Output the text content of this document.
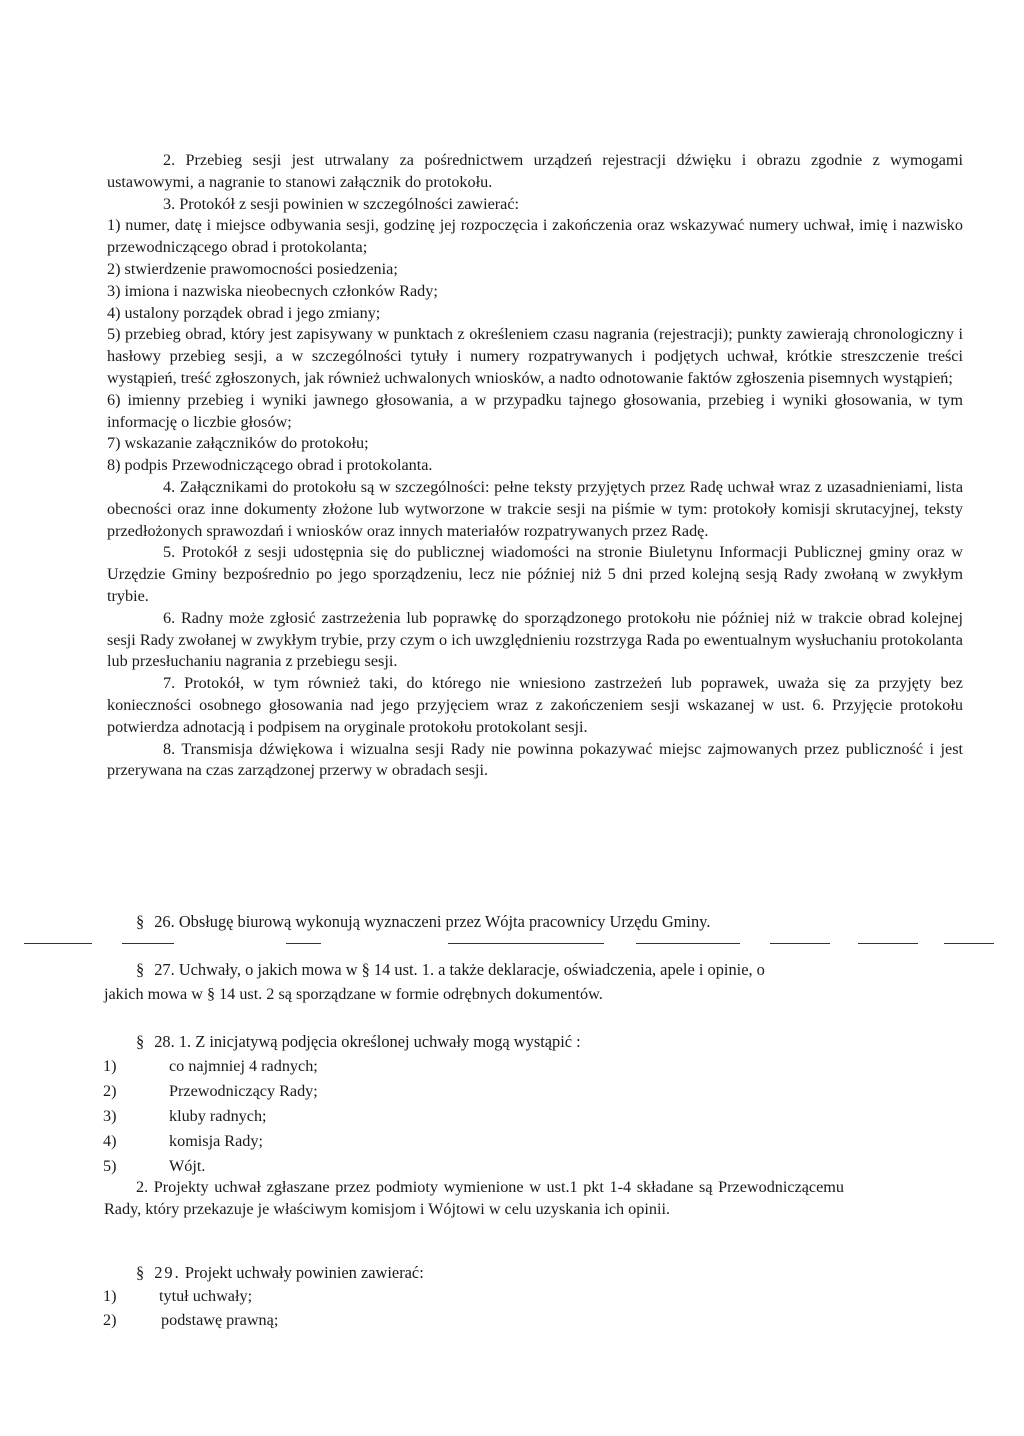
2. Przebieg sesji jest utrwalany za pośrednictwem urządzeń rejestracji dźwięku i obrazu zgodnie z wymogami ustawowymi, a nagranie to stanowi załącznik do protokołu.

3. Protokół z sesji powinien w szczególności zawierać:

1) numer, datę i miejsce odbywania sesji, godzinę jej rozpoczęcia i zakończenia oraz wskazywać numery uchwał, imię i nazwisko przewodniczącego obrad i protokolanta;

2) stwierdzenie prawomocności posiedzenia;

3) imiona i nazwiska nieobecnych członków Rady;

4) ustalony porządek obrad i jego zmiany;

5) przebieg obrad, który jest zapisywany w punktach z określeniem czasu nagrania (rejestracji); punkty zawierają chronologiczny i hasłowy przebieg sesji, a w szczególności tytuły i numery rozpatrywanych i podjętych uchwał, krótkie streszczenie treści wystąpień, treść zgłoszonych, jak również uchwalonych wniosków, a nadto odnotowanie faktów zgłoszenia pisemnych wystąpień;

6) imienny przebieg i wyniki jawnego głosowania, a w przypadku tajnego głosowania, przebieg i wyniki głosowania, w tym informację o liczbie głosów;

7) wskazanie załączników do protokołu;

8) podpis Przewodniczącego obrad i protokolanta.

4. Załącznikami do protokołu są w szczególności: pełne teksty przyjętych przez Radę uchwał wraz z uzasadnieniami, lista obecności oraz inne dokumenty złożone lub wytworzone w trakcie sesji na piśmie w tym: protokoły komisji skrutacyjnej, teksty przedłożonych sprawozdań i wniosków oraz innych materiałów rozpatrywanych przez Radę.

5. Protokół z sesji udostępnia się do publicznej wiadomości na stronie Biuletynu Informacji Publicznej gminy oraz w Urzędzie Gminy bezpośrednio po jego sporządzeniu, lecz nie później niż 5 dni przed kolejną sesją Rady zwołaną w zwykłym trybie.

6. Radny może zgłosić zastrzeżenia lub poprawkę do sporządzonego protokołu nie później niż w trakcie obrad kolejnej sesji Rady zwołanej w zwykłym trybie, przy czym o ich uwzględnieniu rozstrzyga Rada po ewentualnym wysłuchaniu protokolanta lub przesłuchaniu nagrania z przebiegu sesji.

7. Protokół, w tym również taki, do którego nie wniesiono zastrzeżeń lub poprawek, uważa się za przyjęty bez konieczności osobnego głosowania nad jego przyjęciem wraz z zakończeniem sesji wskazanej w ust. 6. Przyjęcie protokołu potwierdza adnotacją i podpisem na oryginale protokołu protokolant sesji.

8. Transmisja dźwiękowa i wizualna sesji Rady nie powinna pokazywać miejsc zajmowanych przez publiczność i jest przerywana na czas zarządzonej przerwy w obradach sesji.

§ 26. Obsługę biurową wykonują wyznaczeni przez Wójta pracownicy Urzędu Gminy.
§ 27. Uchwały, o jakich mowa w § 14 ust. 1. a także deklaracje, oświadczenia, apele i opinie, o
jakich mowa w § 14 ust. 2 są sporządzane w formie odrębnych dokumentów.
§ 28. 1. Z inicjatywą podjęcia określonej uchwały mogą wystąpić :
1)	co najmniej 4 radnych;
2)	Przewodniczący Rady;
3)	kluby radnych;
4)	komisja Rady;
5)	Wójt.

2. Projekty uchwał zgłaszane przez podmioty wymienione w ust.1 pkt 1-4 składane są Przewodniczącemu Rady, który przekazuje je właściwym komisjom i Wójtowi w celu uzyskania ich opinii.

§ 29. Projekt uchwały powinien zawierać:
1)	tytuł uchwały;
2)	podstawę prawną;
